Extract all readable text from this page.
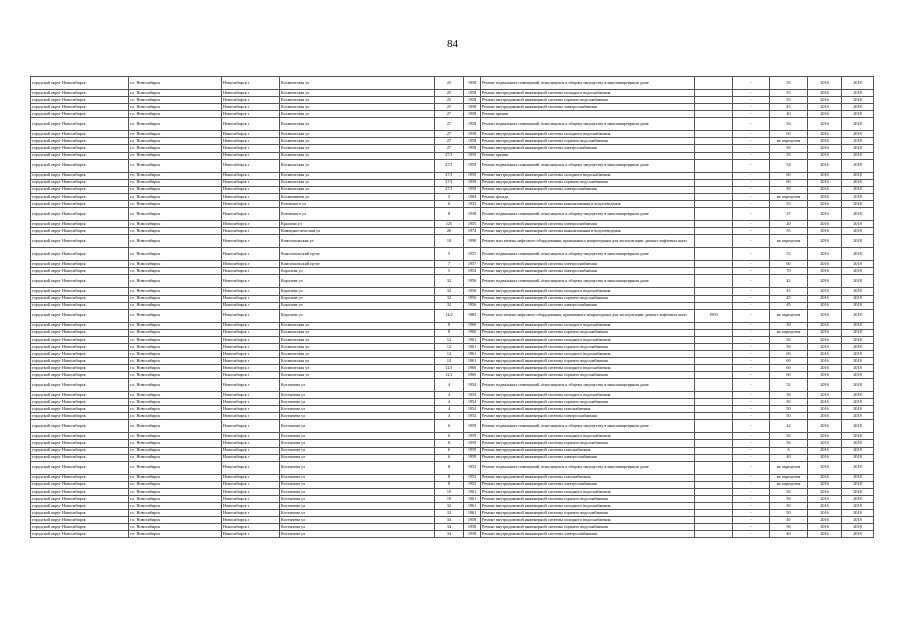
84
городской округ Новосибирск	г.о. Новосибирск	Новосибирск г	Космическая ул	25	1958	Ремонт подвальных помещений, относящихся к общему имуществу в многоквартирном доме		-	53	2016	2018
городской округ Новосибирск	г.о. Новосибирск	Новосибирск г	Космическая ул	25	1958	Ремонт внутридомовой инженерной системы холодного водоснабжения		-	55	2016	2018
городской округ Новосибирск	г.о. Новосибирск	Новосибирск г	Космическая ул	25	1958	Ремонт внутридомовой инженерной системы горячего водоснабжения		-	55	2016	2018
городской округ Новосибирск	г.о. Новосибирск	Новосибирск г	Космическая ул	25	1958	Ремонт внутридомовой инженерной системы электроснабжения		-	45	2016	2018
городской округ Новосибирск	г.о. Новосибирск	Новосибирск г	Космическая ул	27	1958	Ремонт крыши		-	40	2016	2018
городской округ Новосибирск	г.о. Новосибирск	Новосибирск г	Космическая ул	27	1958	Ремонт подвальных помещений, относящихся к общему имуществу в многоквартирном доме		-	54	2016	2018
городской округ Новосибирск	г.о. Новосибирск	Новосибирск г	Космическая ул	27	1958	Ремонт внутридомовой инженерной системы холодного водоснабжения		-	60	2016	2018
городской округ Новосибирск	г.о. Новосибирск	Новосибирск г	Космическая ул	27	1958	Ремонт внутридомовой инженерной системы горячего водоснабжения		-	не определен	2016	2018
городской округ Новосибирск	г.о. Новосибирск	Новосибирск г	Космическая ул	27	1958	Ремонт внутридомовой инженерной системы электроснабжения		-	50	2016	2018
городской округ Новосибирск	г.о. Новосибирск	Новосибирск г	Космическая ул	27/1	1959	Ремонт крыши		-	35	2016	2018
городской округ Новосибирск	г.о. Новосибирск	Новосибирск г	Космическая ул	27/1	1959	Ремонт подвальных помещений, относящихся к общему имуществу в многоквартирном доме		-	54	2016	2018
городской округ Новосибирск	г.о. Новосибирск	Новосибирск г	Космическая ул	27/1	1959	Ремонт внутридомовой инженерной системы холодного водоснабжения		-	60	2016	2018
городской округ Новосибирск	г.о. Новосибирск	Новосибирск г	Космическая ул	27/1	1959	Ремонт внутридомовой инженерной системы горячего водоснабжения		-	60	2016	2018
городской округ Новосибирск	г.о. Новосибирск	Новосибирск г	Космическая ул	27/1	1959	Ремонт внутридомовой инженерной системы электроснабжения		-	50	2016	2018
городской округ Новосибирск	г.о. Новосибирск	Новосибирск г	Космонавтов ул	5	1984	Ремонт фасада		-	не определен	2016	2018
городской округ Новосибирск	г.о. Новосибирск	Новосибирск г	Котовского ул	6	1933	Ремонт внутридомовой инженерной системы канализования и водоотведения		-	55	2016	2018
городской округ Новосибирск	г.о. Новосибирск	Новосибирск г	Котовского ул	8	1958	Ремонт подвальных помещений, относящихся к общему имуществу в многоквартирном доме		-	37	2016	2018
городской округ Новосибирск	г.о. Новосибирск	Новосибирск г	Крылова ул	125	1955	Ремонт внутридомовой инженерной системы электроснабжения		-	20	2016	2018
городской округ Новосибирск	г.о. Новосибирск	Новосибирск г	Коммунистическая ул	26	1974	Ремонт внутридомовой инженерной системы канализования и водоотведения		-	55	2016	2018
городской округ Новосибирск	г.о. Новосибирск	Новосибирск г	Комсомольская ул	10	1990	Ремонт или замена лифтового оборудования, признанного непригодным для эксплуатации, ремонт лифтовых шахт		-	не определен	2016	2018
городской округ Новосибирск	г.о. Новосибирск	Новосибирск г	Комсомольский пр-кт	5	1957	Ремонт подвальных помещений, относящихся к общему имуществу в многоквартирном доме		-	53	2016	2018
городской округ Новосибирск	г.о. Новосибирск	Новосибирск г	Комсомольский пр-кт	7	1957	Ремонт внутридомовой инженерной системы электроснабжения		-	60	2016	2018
городской округ Новосибирск	г.о. Новосибирск	Новосибирск г	Королева ул	5	1954	Ремонт внутридомовой инженерной системы электроснабжения		-	70	2016	2018
городской округ Новосибирск	г.о. Новосибирск	Новосибирск г	Королева ул	32	1956	Ремонт подвальных помещений, относящихся к общему имуществу в многоквартирном доме		-	42	2016	2018
городской округ Новосибирск	г.о. Новосибирск	Новосибирск г	Королева ул	32	1956	Ремонт внутридомовой инженерной системы холодного водоснабжения		-	45	2016	2018
городской округ Новосибирск	г.о. Новосибирск	Новосибирск г	Королева ул	32	1956	Ремонт внутридомовой инженерной системы горячего водоснабжения		-	45	2016	2018
городской округ Новосибирск	г.о. Новосибирск	Новосибирск г	Королева ул	32	1956	Ремонт внутридомовой инженерной системы электроснабжения		-	45	2016	2018
городской округ Новосибирск	г.о. Новосибирск	Новосибирск г	Королева ул	14/2	1983	Ремонт или замена лифтового оборудования, признанного непригодным для эксплуатации, ремонт лифтовых шахт	1993	-	не определен	2016	2018
городской округ Новосибирск	г.о. Новосибирск	Новосибирск г	Космическая ул	8	1960	Ремонт внутридомовой инженерной системы холодного водоснабжения		-	30	2016	2018
городской округ Новосибирск	г.о. Новосибирск	Новосибирск г	Космическая ул	8	1960	Ремонт внутридомовой инженерной системы горячего водоснабжения		-	не определен	2016	2018
городской округ Новосибирск	г.о. Новосибирск	Новосибирск г	Космическая ул	12	1961	Ремонт внутридомовой инженерной системы холодного водоснабжения		-	50	2016	2018
городской округ Новосибирск	г.о. Новосибирск	Новосибирск г	Космическая ул	12	1961	Ремонт внутридомовой инженерной системы горячего водоснабжения		-	50	2016	2018
городской округ Новосибирск	г.о. Новосибирск	Новосибирск г	Космическая ул	14	1961	Ремонт внутридомовой инженерной системы холодного водоснабжения		-	60	2016	2018
городской округ Новосибирск	г.о. Новосибирск	Новосибирск г	Космическая ул	14	1961	Ремонт внутридомовой инженерной системы горячего водоснабжения		-	60	2016	2018
городской округ Новосибирск	г.о. Новосибирск	Новосибирск г	Космическая ул	12/1	1960	Ремонт внутридомовой инженерной системы холодного водоснабжения		-	60	2016	2018
городской округ Новосибирск	г.о. Новосибирск	Новосибирск г	Космическая ул	12/1	1960	Ремонт внутридомовой инженерной системы горячего водоснабжения		-	60	2016	2018
городской округ Новосибирск	г.о. Новосибирск	Новосибирск г	Костычева ул	4	1954	Ремонт подвальных помещений, относящихся к общему имуществу в многоквартирном доме		-	52	2016	2018
городской округ Новосибирск	г.о. Новосибирск	Новосибирск г	Костычева ул	4	1954	Ремонт внутридомовой инженерной системы холодного водоснабжения		-	30	2016	2018
городской округ Новосибирск	г.о. Новосибирск	Новосибирск г	Костычева ул	4	1954	Ремонт внутридомовой инженерной системы горячего водоснабжения		-	50	2016	2018
городской округ Новосибирск	г.о. Новосибирск	Новосибирск г	Костычева ул	4	1954	Ремонт внутридомовой инженерной системы газоснабжения		-	50	2016	2018
городской округ Новосибирск	г.о. Новосибирск	Новосибирск г	Костычева ул	4	1954	Ремонт внутридомовой инженерной системы электроснабжения		-	50	2016	2018
городской округ Новосибирск	г.о. Новосибирск	Новосибирск г	Костычева ул	6	1959	Ремонт подвальных помещений, относящихся к общему имуществу в многоквартирном доме		-	42	2016	2018
городской округ Новосибирск	г.о. Новосибирск	Новосибирск г	Костычева ул	6	1959	Ремонт внутридомовой инженерной системы холодного водоснабжения		-	50	2016	2018
городской округ Новосибирск	г.о. Новосибирск	Новосибирск г	Костычева ул	6	1959	Ремонт внутридомовой инженерной системы горячего водоснабжения		-	50	2016	2018
городской округ Новосибирск	г.о. Новосибирск	Новосибирск г	Костычева ул	6	1959	Ремонт внутридомовой инженерной системы газоснабжения		-	6	2016	2018
городской округ Новосибирск	г.о. Новосибирск	Новосибирск г	Костычева ул	6	1959	Ремонт внутридомовой инженерной системы электроснабжения		-	40	2016	2018
городской округ Новосибирск	г.о. Новосибирск	Новосибирск г	Костычева ул	8	1953	Ремонт подвальных помещений, относящихся к общему имуществу в многоквартирном доме		-	не определен	2016	2018
городской округ Новосибирск	г.о. Новосибирск	Новосибирск г	Костычева ул	8	1953	Ремонт внутридомовой инженерной системы газоснабжения		-	не определен	2016	2018
городской округ Новосибирск	г.о. Новосибирск	Новосибирск г	Костычева ул	8	1953	Ремонт внутридомовой инженерной системы электроснабжения		-	не определен	2016	2018
городской округ Новосибирск	г.о. Новосибирск	Новосибирск г	Костычева ул	10	1961	Ремонт внутридомовой инженерной системы холодного водоснабжения		-	50	2016	2018
городской округ Новосибирск	г.о. Новосибирск	Новосибирск г	Костычева ул	10	1961	Ремонт внутридомовой инженерной системы горячего водоснабжения		-	50	2016	2018
городской округ Новосибирск	г.о. Новосибирск	Новосибирск г	Костычева ул	32	1961	Ремонт внутридомовой инженерной системы холодного водоснабжения		-	50	2016	2018
городской округ Новосибирск	г.о. Новосибирск	Новосибирск г	Костычева ул	32	1961	Ремонт внутридомовой инженерной системы горячего водоснабжения		-	50	2016	2018
городской округ Новосибирск	г.о. Новосибирск	Новосибирск г	Костычева ул	34	1958	Ремонт внутридомовой инженерной системы холодного водоснабжения		-	40	2016	2018
городской округ Новосибирск	г.о. Новосибирск	Новосибирск г	Костычева ул	34	1958	Ремонт внутридомовой инженерной системы горячего водоснабжения		-	50	2016	2018
городской округ Новосибирск	г.о. Новосибирск	Новосибирск г	Костычева ул	34	1958	Ремонт внутридомовой инженерной системы электроснабжения		-	40	2016	2018
